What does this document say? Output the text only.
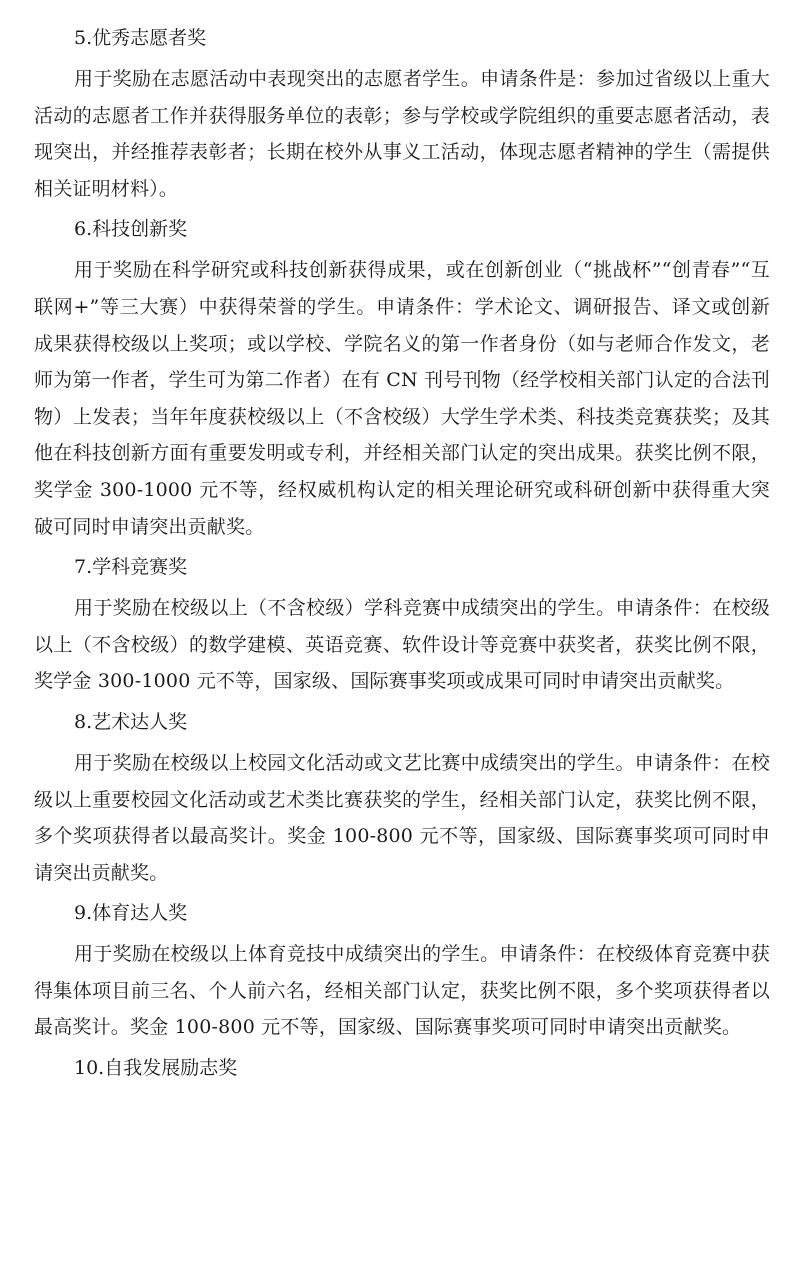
5.优秀志愿者奖

用于奖励在志愿活动中表现突出的志愿者学生。申请条件是：参加过省级以上重大活动的志愿者工作并获得服务单位的表彰；参与学校或学院组织的重要志愿者活动，表现突出，并经推荐表彰者；长期在校外从事义工活动，体现志愿者精神的学生（需提供相关证明材料）。

6.科技创新奖

用于奖励在科学研究或科技创新获得成果，或在创新创业（“挑战杯”“创青春”“互联网+”等三大赛）中获得荣誉的学生。申请条件：学术论文、调研报告、译文或创新成果获得校级以上奖项；或以学校、学院名义的第一作者身份（如与老师合作发文，老师为第一作者，学生可为第二作者）在有 CN 刊号刊物（经学校相关部门认定的合法刊物）上发表；当年年度获校级以上（不含校级）大学生学术类、科技类竞赛获奖；及其他在科技创新方面有重要发明或专利，并经相关部门认定的突出成果。获奖比例不限，奖学金 300-1000 元不等，经权威机构认定的相关理论研究或科研创新中获得重大突破可同时申请突出贡献奖。

7.学科竞赛奖

用于奖励在校级以上（不含校级）学科竞赛中成绩突出的学生。申请条件：在校级以上（不含校级）的数学建模、英语竞赛、软件设计等竞赛中获奖者，获奖比例不限，奖学金 300-1000 元不等，国家级、国际赛事奖项或成果可同时申请突出贡献奖。

8.艺术达人奖

用于奖励在校级以上校园文化活动或文艺比赛中成绩突出的学生。申请条件：在校级以上重要校园文化活动或艺术类比赛获奖的学生，经相关部门认定，获奖比例不限，多个奖项获得者以最高奖计。奖金 100-800 元不等，国家级、国际赛事奖项可同时申请突出贡献奖。

9.体育达人奖

用于奖励在校级以上体育竞技中成绩突出的学生。申请条件：在校级体育竞赛中获得集体项目前三名、个人前六名，经相关部门认定，获奖比例不限，多个奖项获得者以最高奖计。奖金 100-800 元不等，国家级、国际赛事奖项可同时申请突出贡献奖。

10.自我发展励志奖
